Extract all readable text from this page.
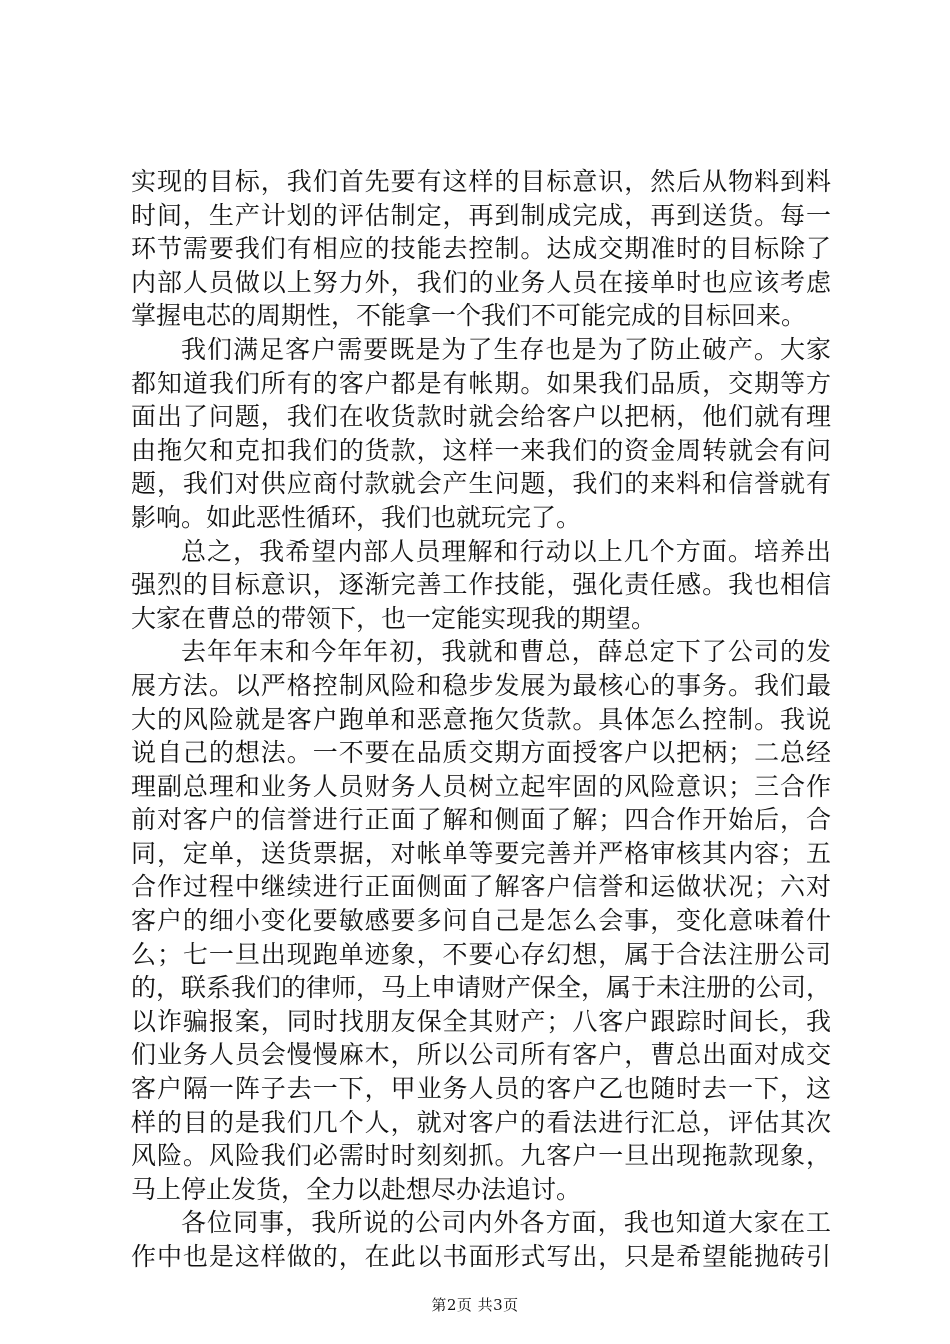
实现的目标，我们首先要有这样的目标意识，然后从物料到料
时间，生产计划的评估制定，再到制成完成，再到送货。每一
环节需要我们有相应的技能去控制。达成交期准时的目标除了
内部人员做以上努力外，我们的业务人员在接单时也应该考虑
掌握电芯的周期性，不能拿一个我们不可能完成的目标回来。
我们满足客户需要既是为了生存也是为了防止破产。大家
都知道我们所有的客户都是有帐期。如果我们品质，交期等方
面出了问题，我们在收货款时就会给客户以把柄，他们就有理
由拖欠和克扣我们的货款，这样一来我们的资金周转就会有问
题，我们对供应商付款就会产生问题，我们的来料和信誉就有
影响。如此恶性循环，我们也就玩完了。
总之，我希望内部人员理解和行动以上几个方面。培养出
强烈的目标意识，逐渐完善工作技能，强化责任感。我也相信
大家在曹总的带领下，也一定能实现我的期望。
去年年末和今年年初，我就和曹总，薛总定下了公司的发
展方法。以严格控制风险和稳步发展为最核心的事务。我们最
大的风险就是客户跑单和恶意拖欠货款。具体怎么控制。我说
说自己的想法。一不要在品质交期方面授客户以把柄；二总经
理副总理和业务人员财务人员树立起牢固的风险意识；三合作
前对客户的信誉进行正面了解和侧面了解；四合作开始后，合
同，定单，送货票据，对帐单等要完善并严格审核其内容；五
合作过程中继续进行正面侧面了解客户信誉和运做状况；六对
客户的细小变化要敏感要多问自己是怎么会事，变化意味着什
么；七一旦出现跑单迹象，不要心存幻想，属于合法注册公司
的，联系我们的律师，马上申请财产保全，属于未注册的公司，
以诈骗报案，同时找朋友保全其财产；八客户跟踪时间长，我
们业务人员会慢慢麻木，所以公司所有客户，曹总出面对成交
客户隔一阵子去一下，甲业务人员的客户乙也随时去一下，这
样的目的是我们几个人，就对客户的看法进行汇总，评估其次
风险。风险我们必需时时刻刻抓。九客户一旦出现拖款现象，
马上停止发货，全力以赴想尽办法追讨。
各位同事，我所说的公司内外各方面，我也知道大家在工
作中也是这样做的，在此以书面形式写出，只是希望能抛砖引
第2页 共3页
